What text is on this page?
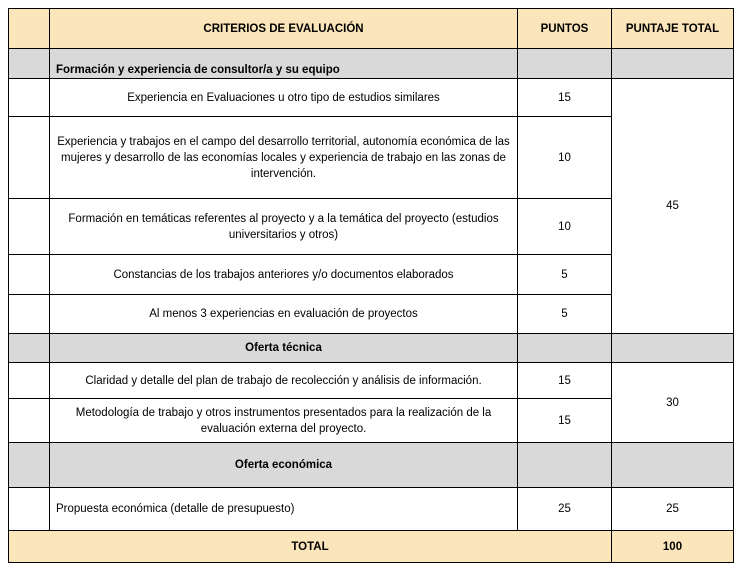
	CRITERIOS DE EVALUACIÓN	PUNTOS	PUNTAJE TOTAL
	Formación y experiencia de consultor/a y su equipo		
	Experiencia en Evaluaciones u otro tipo de estudios similares	15	45
	Experiencia y trabajos en el campo del desarrollo territorial, autonomía económica de las mujeres y desarrollo de las economías locales y experiencia de trabajo en las zonas de intervención.	10	
	Formación en temáticas referentes al proyecto y a la temática del proyecto (estudios universitarios y otros)	10	
	Constancias de los trabajos anteriores y/o documentos elaborados	5	
	Al menos 3 experiencias en evaluación de proyectos	5	
	Oferta técnica		
	Claridad y detalle del plan de trabajo de recolección y análisis de información.	15	30
	Metodología de trabajo y otros instrumentos presentados para la realización de la evaluación externa del proyecto.	15	
	Oferta económica		
	Propuesta económica (detalle de presupuesto)	25	25
TOTAL			100
